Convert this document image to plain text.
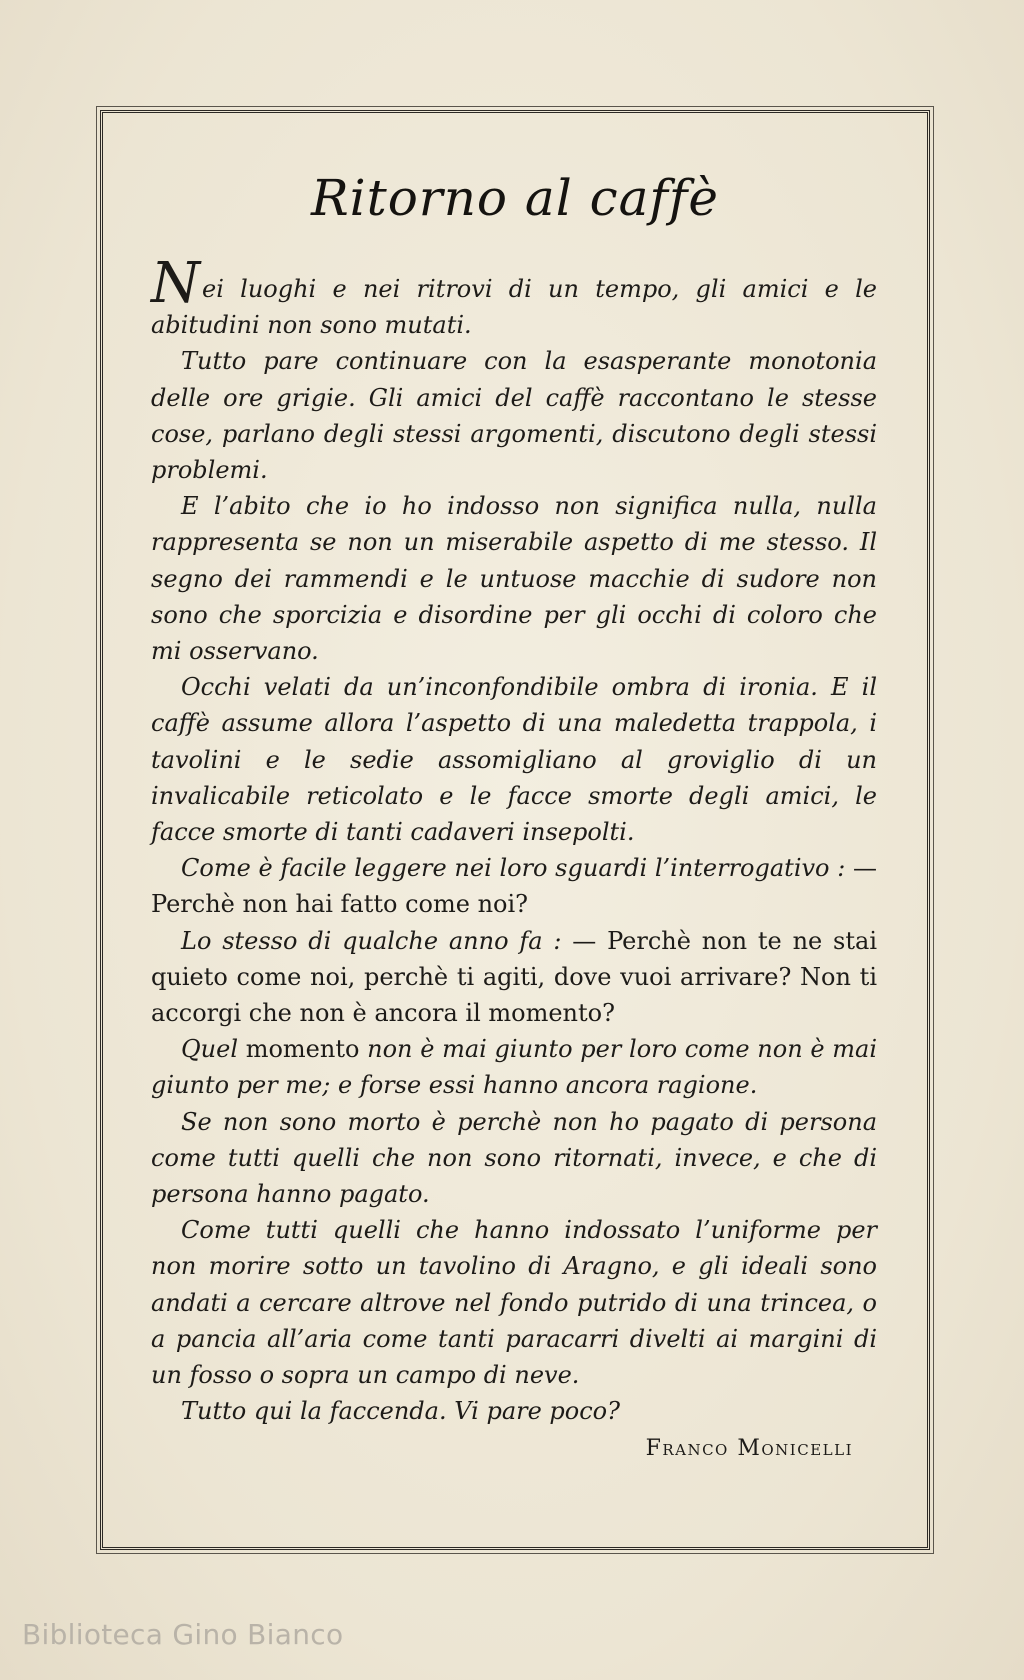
Ritorno al caffè

Nei luoghi e nei ritrovi di un tempo, gli amici e le abitudini non sono mutati.

Tutto pare continuare con la esasperante monotonia delle ore grigie. Gli amici del caffè raccontano le stesse cose, parlano degli stessi argomenti, discutono degli stessi problemi.

E l’abito che io ho indosso non significa nulla, nulla rappresenta se non un miserabile aspetto di me stesso. Il segno dei rammendi e le untuose macchie di sudore non sono che sporcizia e disordine per gli occhi di coloro che mi osservano.

Occhi velati da un’inconfondibile ombra di ironia. E il caffè assume allora l’aspetto di una maledetta trappola, i tavolini e le sedie assomigliano al groviglio di un invalicabile reticolato e le facce smorte degli amici, le facce smorte di tanti cadaveri insepolti.

Come è facile leggere nei loro sguardi l’interrogativo : — Perchè non hai fatto come noi?

Lo stesso di qualche anno fa : — Perchè non te ne stai quieto come noi, perchè ti agiti, dove vuoi arrivare? Non ti accorgi che non è ancora il momento?

Quel momento non è mai giunto per loro come non è mai giunto per me; e forse essi hanno ancora ragione.

Se non sono morto è perchè non ho pagato di persona come tutti quelli che non sono ritornati, invece, e che di persona hanno pagato.

Come tutti quelli che hanno indossato l’uniforme per non morire sotto un tavolino di Aragno, e gli ideali sono andati a cercare altrove nel fondo putrido di una trincea, o a pancia all’aria come tanti paracarri divelti ai margini di un fosso o sopra un campo di neve.

Tutto qui la faccenda. Vi pare poco?

Franco Monicelli

Biblioteca Gino Bianco
